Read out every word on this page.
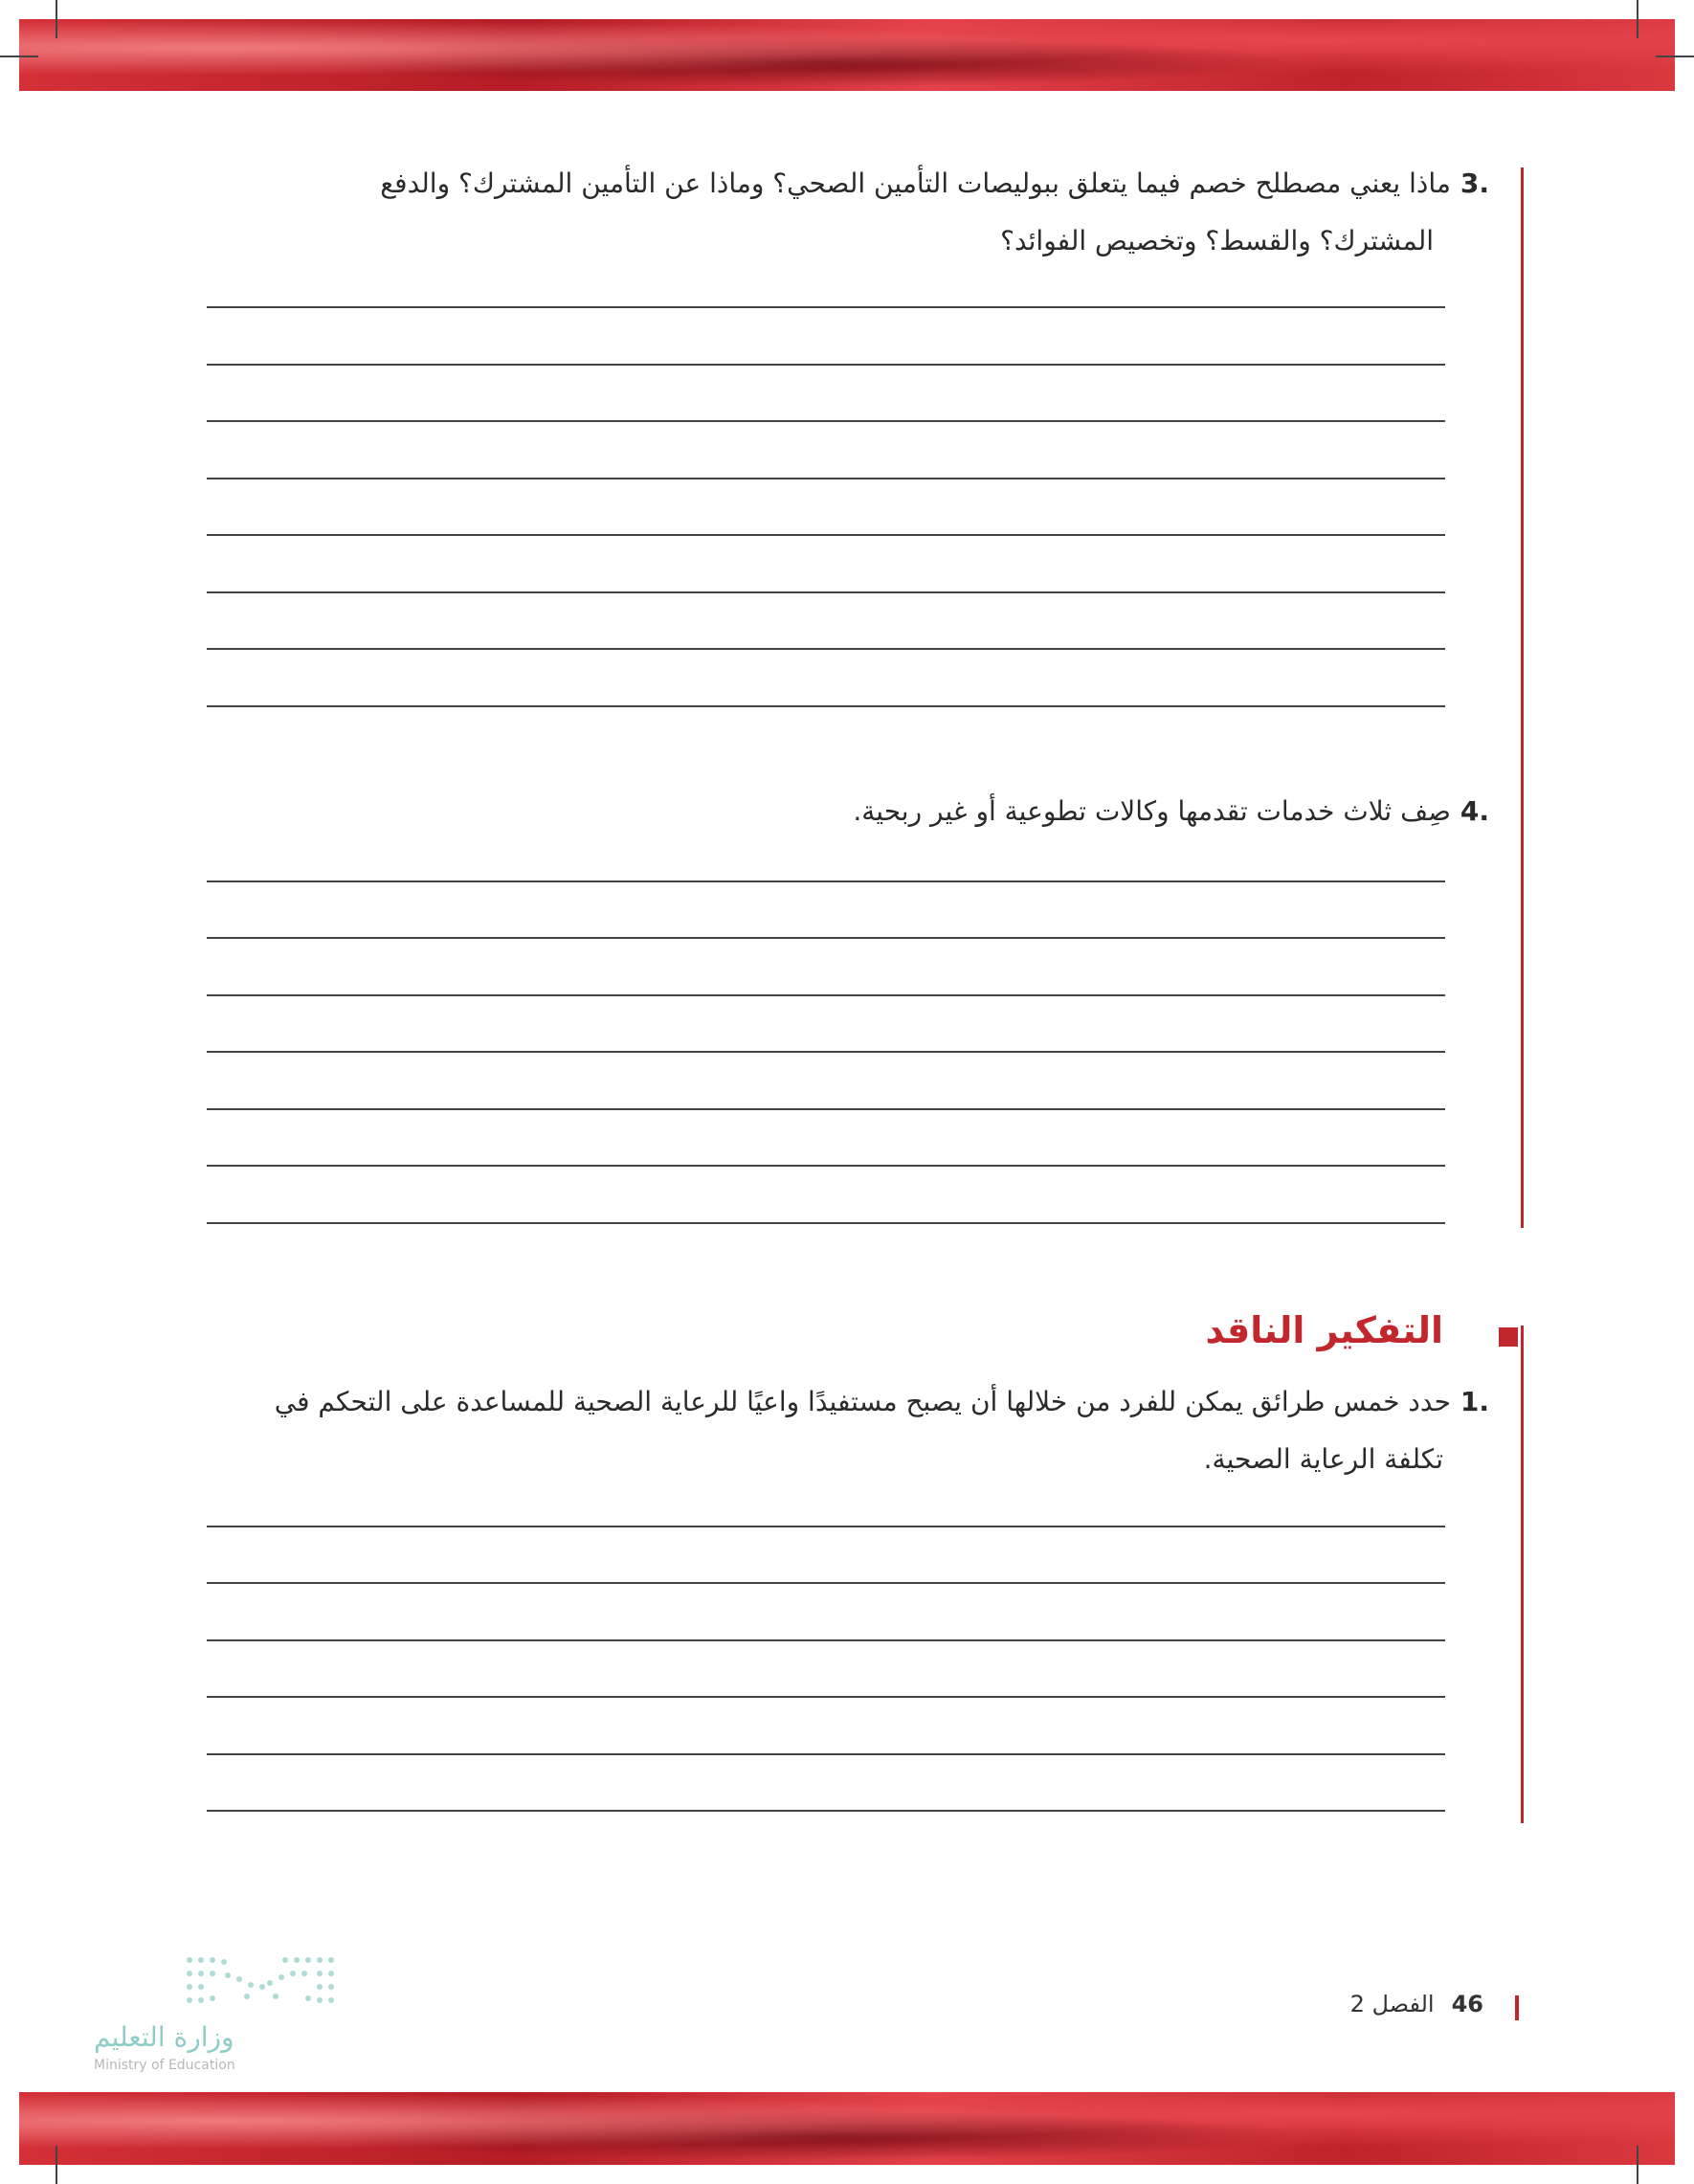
.3ماذا يعني مصطلح خصم فيما يتعلق ببوليصات التأمين الصحي؟ وماذا عن التأمين المشترك؟ والدفع
المشترك؟ والقسط؟ وتخصيص الفوائد؟
.4صِف ثلاث خدمات تقدمها وكالات تطوعية أو غير ربحية.
التفكير الناقد
.1حدد خمس طرائق يمكن للفرد من خلالها أن يصبح مستفيدًا واعيًا للرعاية الصحية للمساعدة على التحكم في
تكلفة الرعاية الصحية.
46الفصل 2
وزارة التعليم
Ministry of Education
